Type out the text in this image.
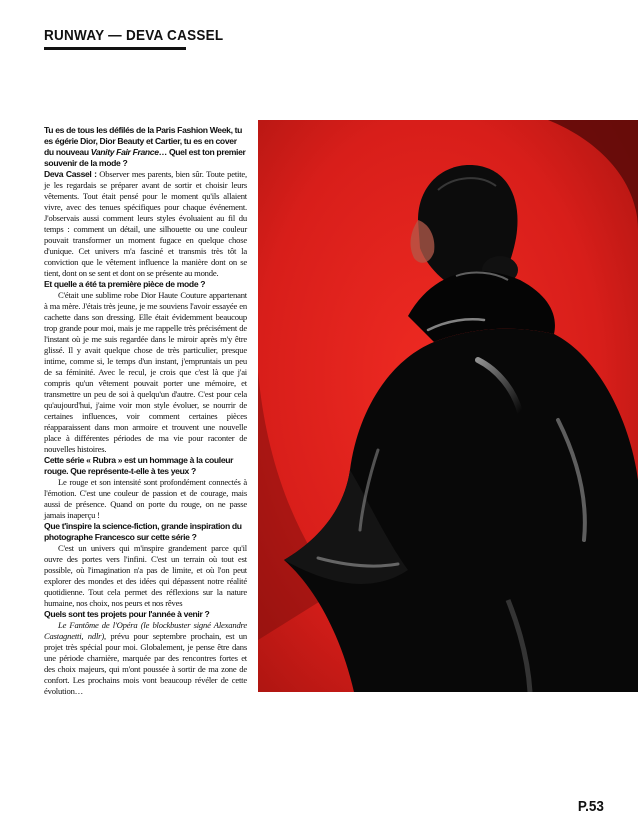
RUNWAY — DEVA CASSEL

Tu es de tous les défilés de la Paris Fashion Week, tu es égérie Dior, Dior Beauty et Cartier, tu es en cover du nouveau Vanity Fair France… Quel est ton premier souvenir de la mode ?

Deva Cassel : Observer mes parents, bien sûr. Toute petite, je les regardais se préparer avant de sortir et choisir leurs vêtements. Tout était pensé pour le moment qu'ils allaient vivre, avec des tenues spécifiques pour chaque événement. J'observais aussi comment leurs styles évoluaient au fil du temps : comment un détail, une silhouette ou une couleur pouvait transformer un moment fugace en quelque chose d'unique. Cet univers m'a fasciné et transmis très tôt la conviction que le vêtement influence la manière dont on se tient, dont on se sent et dont on se présente au monde.

Et quelle a été ta première pièce de mode ?

C'était une sublime robe Dior Haute Couture appartenant à ma mère. J'étais très jeune, je me souviens l'avoir essayée en cachette dans son dressing. Elle était évidemment beaucoup trop grande pour moi, mais je me rappelle très précisément de l'instant où je me suis regardée dans le miroir après m'y être glissé. Il y avait quelque chose de très particulier, presque intime, comme si, le temps d'un instant, j'empruntais un peu de sa féminité. Avec le recul, je crois que c'est là que j'ai compris qu'un vêtement pouvait porter une mémoire, et transmettre un peu de soi à quelqu'un d'autre. C'est pour cela qu'aujourd'hui, j'aime voir mon style évoluer, se nourrir de certaines influences, voir comment certaines pièces réapparaissent dans mon armoire et trouvent une nouvelle place à différentes périodes de ma vie pour raconter de nouvelles histoires.

Cette série « Rubra » est un hommage à la couleur rouge. Que représente-t-elle à tes yeux ?

Le rouge et son intensité sont profondément connectés à l'émotion. C'est une couleur de passion et de courage, mais aussi de présence. Quand on porte du rouge, on ne passe jamais inaperçu !

Que t'inspire la science-fiction, grande inspiration du photographe Francesco sur cette série ?

C'est un univers qui m'inspire grandement parce qu'il ouvre des portes vers l'infini. C'est un terrain où tout est possible, où l'imagination n'a pas de limite, et où l'on peut explorer des mondes et des idées qui dépassent notre réalité quotidienne. Tout cela permet des réflexions sur la nature humaine, nos choix, nos peurs et nos rêves

Quels sont tes projets pour l'année à venir ?

Le Fantôme de l'Opéra (le blockbuster signé Alexandre Castagnetti, ndlr), prévu pour septembre prochain, est un projet très spécial pour moi. Globalement, je pense être dans une période charnière, marquée par des rencontres fortes et des choix majeurs, qui m'ont poussée à sortir de ma zone de confort. Les prochains mois vont beaucoup révéler de cette évolution…

P.53
